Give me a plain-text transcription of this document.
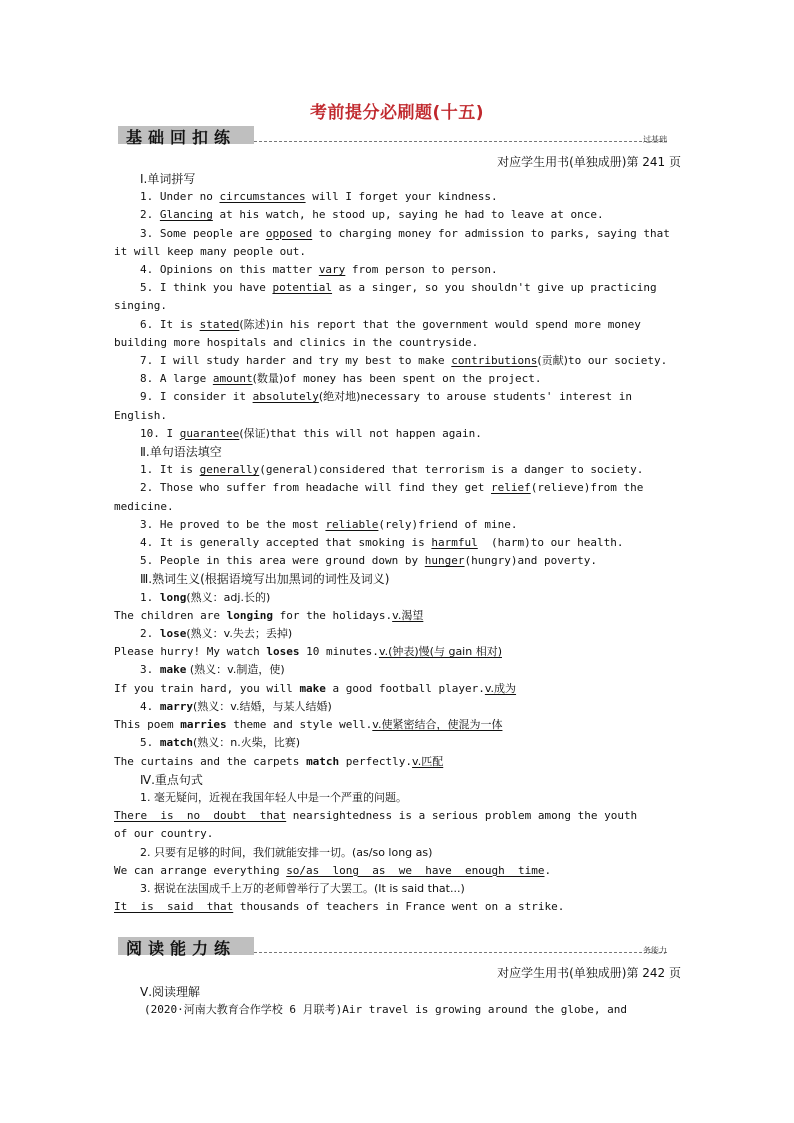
考前提分必刷题(十五)
基础回扣练	过基础
对应学生用书(单独成册)第 241 页
Ⅰ.单词拼写
1. Under no circumstances will I forget your kindness.
2. Glancing at his watch, he stood up, saying he had to leave at once.
3. Some people are opposed to charging money for admission to parks, saying that
it will keep many people out.
4. Opinions on this matter vary from person to person.
5. I think you have potential as a singer, so you shouldn't give up practicing
singing.
6. It is stated(陈述)in his report that the government would spend more money
building more hospitals and clinics in the countryside.
7. I will study harder and try my best to make contributions(贡献)to our society.
8. A large amount(数量)of money has been spent on the project.
9. I consider it absolutely(绝对地)necessary to arouse students' interest in
English.
10. I guarantee(保证)that this will not happen again.
Ⅱ.单句语法填空
1. It is generally(general)considered that terrorism is a danger to society.
2. Those who suffer from headache will find they get relief(relieve)from the
medicine.
3. He proved to be the most reliable(rely)friend of mine.
4. It is generally accepted that smoking is harmful  (harm)to our health.
5. People in this area were ground down by hunger(hungry)and poverty.
Ⅲ.熟词生义(根据语境写出加黑词的词性及词义)
1. long(熟义：adj.长的)
The children are longing for the holidays.v.渴望
2. lose(熟义：v.失去；丢掉)
Please hurry! My watch loses 10 minutes.v.(钟表)慢(与 gain 相对)
3. make (熟义：v.制造，使)
If you train hard, you will make a good football player.v.成为
4. marry(熟义：v.结婚，与某人结婚)
This poem marries theme and style well.v.使紧密结合，使混为一体
5. match(熟义：n.火柴，比赛)
The curtains and the carpets match perfectly.v.匹配
Ⅳ.重点句式
1. 毫无疑问，近视在我国年轻人中是一个严重的问题。
There  is  no  doubt  that nearsightedness is a serious problem among the youth
of our country.
2. 只要有足够的时间，我们就能安排一切。(as/so long as)
We can arrange everything so/as  long  as  we  have  enough  time.
3. 据说在法国成千上万的老师曾举行了大罢工。(It is said that...)
It  is  said  that thousands of teachers in France went on a strike.
阅读能力练	务能力
对应学生用书(单独成册)第 242 页
Ⅴ.阅读理解
(2020·河南大教育合作学校 6 月联考)Air travel is growing around the globe, and
